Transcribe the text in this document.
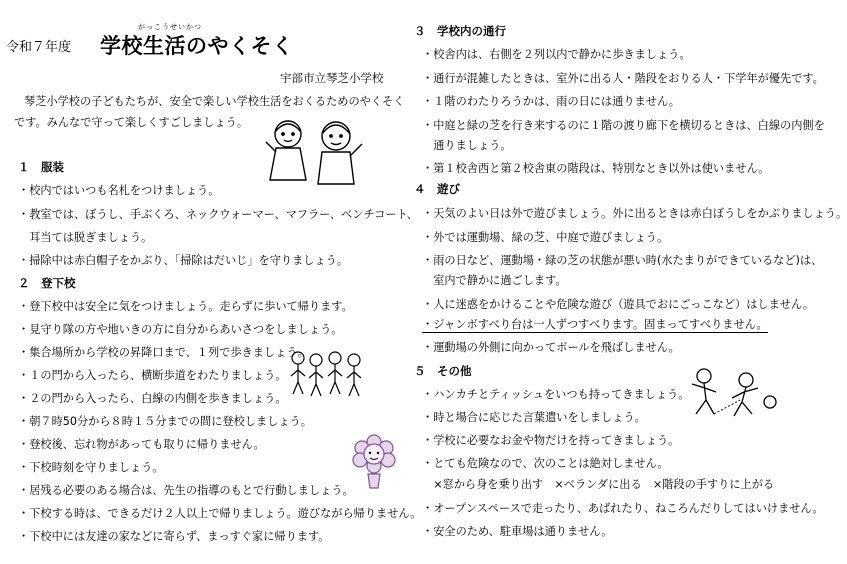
令和７年度
がっこうせいかつ
学校生活のやくそく
宇部市立琴芝小学校
琴芝小学校の子どもたちが、安全で楽しい学校生活をおくるためのやくそく
です。みんなで守って楽しくすごしましょう。
１　服装
・校内ではいつも名札をつけましょう。
・教室では、ぼうし、手ぶくろ、ネックウォーマー、マフラー、ベンチコート、
　耳当ては脱ぎましょう。
・掃除中は赤白帽子をかぶり、「掃除はだいじ」を守りましょう。
２　登下校
・登下校中は安全に気をつけましょう。走らずに歩いて帰ります。
・見守り隊の方や地いきの方に自分からあいさつをしましょう。
・集合場所から学校の昇降口まで、１列で歩きましょう。
・１の門から入ったら、横断歩道をわたりましょう。
・２の門から入ったら、白線の内側を歩きましょう。
・朝７時50分から８時１５分までの間に登校しましょう。
・登校後、忘れ物があっても取りに帰りません。
・下校時刻を守りましょう。
・居残る必要のある場合は、先生の指導のもとで行動しましょう。
・下校する時は、できるだけ２人以上で帰りましょう。遊びながら帰りません。
・下校中には友達の家などに寄らず、まっすぐ家に帰ります。
３　学校内の通行
・校舎内は、右側を２列以内で静かに歩きましょう。
・通行が混雑したときは、室外に出る人・階段をおりる人・下学年が優先です。
・１階のわたりろうかは、雨の日には通りません。
・中庭と緑の芝を行き来するのに１階の渡り廊下を横切るときは、白線の内側を
　通りましょう。
・第１校舎西と第２校舎東の階段は、特別なとき以外は使いません。
４　遊び
・天気のよい日は外で遊びましょう。外に出るときは赤白ぼうしをかぶりましょう。
・外では運動場、緑の芝、中庭で遊びましょう。
・雨の日など、運動場・緑の芝の状態が悪い時(水たまりができているなど)は、
　室内で静かに過ごします。
・人に迷惑をかけることや危険な遊び（遊具でおにごっこなど）はしません。
・ジャンボすべり台は一人ずつすべります。固まってすべりません。
・運動場の外側に向かってボールを飛ばしません。
５　その他
・ハンカチとティッシュをいつも持ってきましょう。
・時と場合に応じた言葉遣いをしましょう。
・学校に必要なお金や物だけを持ってきましょう。
・とても危険なので、次のことは絶対しません。
　×窓から身を乗り出す　×ベランダに出る　×階段の手すりに上がる
・オープンスペースで走ったり、あばれたり、ねころんだりしてはいけません。
・安全のため、駐車場は通りません。
